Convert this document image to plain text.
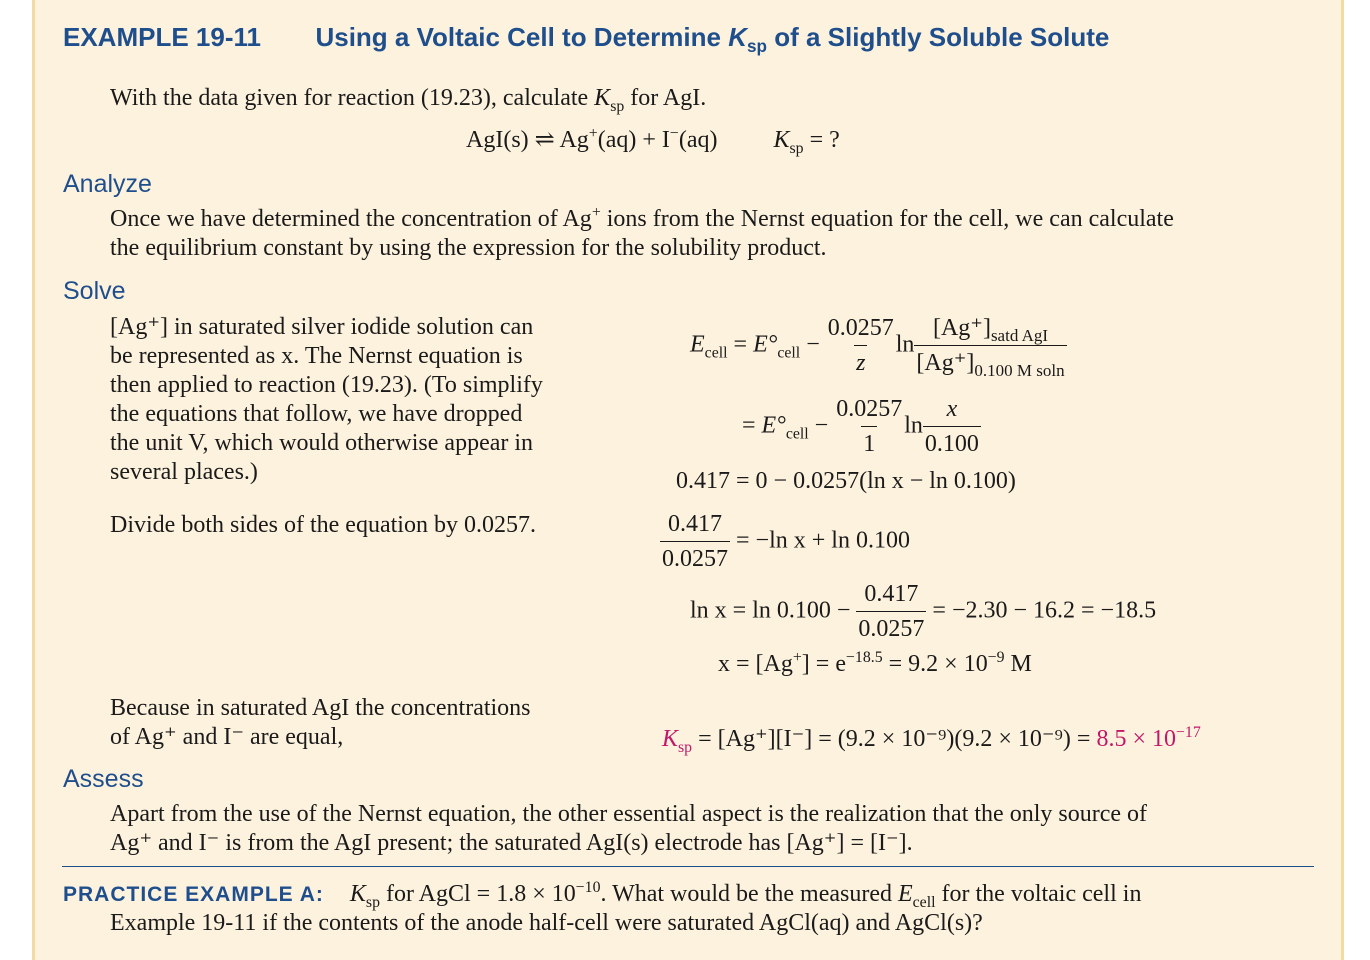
EXAMPLE 19-11 Using a Voltaic Cell to Determine $K_{sp}$ of a Slightly Soluble Solute
With the data given for reaction (19.23), calculate $K_{sp}$ for AgI.
AgI(s) ⇌ Ag+(aq) + I−(aq) $K_{sp}$ = ?
Analyze
Once we have determined the concentration of Ag+ ions from the Nernst equation for the cell, we can calculate
the equilibrium constant by using the expression for the solubility product.
Solve
[Ag⁺] in saturated silver iodide solution can
be represented as x. The Nernst equation is
then applied to reaction (19.23). (To simplify
the equations that follow, we have dropped
the unit V, which would otherwise appear in
several places.)
Divide both sides of the equation by 0.0257.
Because in saturated AgI the concentrations
of Ag⁺ and I⁻ are equal,
$E_{cell} = E^\circ_{cell} - \frac{0.0257}{z}$ $\ln \frac{[Ag^+]_{satd AgI}}{[Ag^+]_{0.100 M soln}}$
= $E^\circ_{cell} - \frac{0.0257}{1}$ $\ln \frac{x}{0.100}$
0.417 = 0 − 0.0257(ln x − ln 0.100)
$\frac{0.417}{0.0257} = -\ln$ x + ln 0.100
$\ln x = \ln 0.100 - \frac{0.417}{0.0257} = -2.30 - 16.2 = -18.5$
$x = [Ag^+] = e^{-18.5} = 9.2 \times 10^{-9}$ M
$K_{sp} = [Ag^+][I^-] = (9.2 \times 10^{-9})(9.2 \times 10^{-9}) = 8.5 \times 10^{-17}$
Assess
Apart from the use of the Nernst equation, the other essential aspect is the realization that the only source of
Ag⁺ and I⁻ is from the AgI present; the saturated AgI(s) electrode has [Ag⁺] = [I⁻].
PRACTICE EXAMPLE A: $K_{sp}$ for AgCl = $1.8 \times 10^{-10}$. What would be the measured $E_{cell}$ for the voltaic cell in
Example 19-11 if the contents of the anode half-cell were saturated AgCl(aq) and AgCl(s)?
